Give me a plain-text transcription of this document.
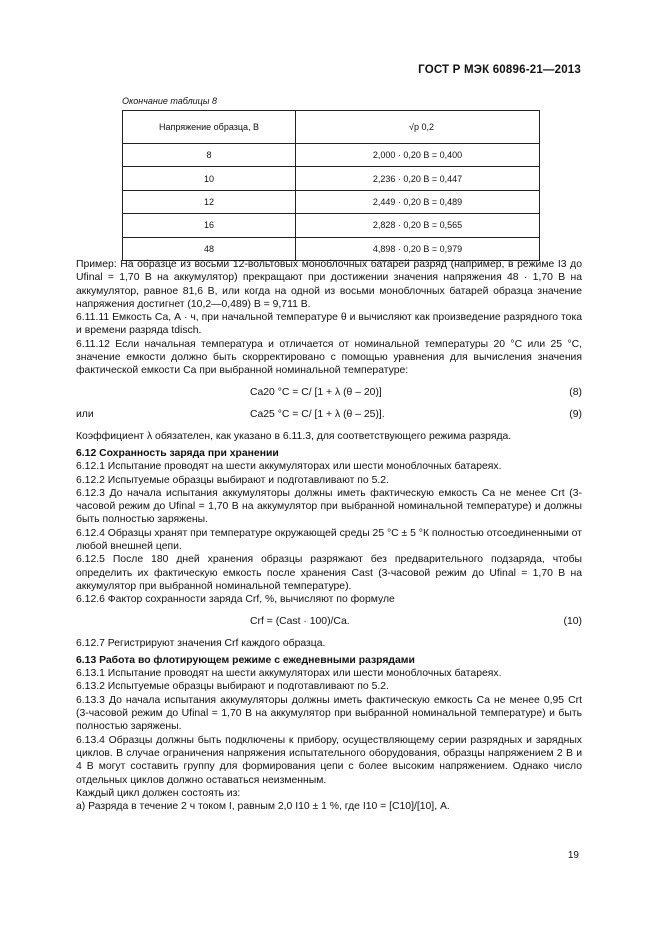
ГОСТ Р МЭК 60896-21—2013
Окончание таблицы 8
Напряжение образца, В	√p 0,2
8	2,000 · 0,20 В = 0,400
10	2,236 · 0,20 В = 0,447
12	2,449 · 0,20 В = 0,489
16	2,828 · 0,20 В = 0,565
48	4,898 · 0,20 В = 0,979

Пример: На образце из восьми 12-вольтовых моноблочных батарей разряд (например, в режиме I3 до Ufinal = 1,70 В на аккумулятор) прекращают при достижении значения напряжения 48 · 1,70 В на аккумулятор, равное 81,6 В, или когда на одной из восьми моноблочных батарей образца значение напряжения достигнет (10,2—0,489) В = 9,711 В.

6.11.11 Емкость Ca, А · ч, при начальной температуре θ и вычисляют как произведение разрядного тока и времени разряда tdisch.

6.11.12 Если начальная температура и отличается от номинальной температуры 20 °С или 25 °С, значение емкости должно быть скорректировано с помощью уравнения для вычисления значения фактической емкости Ca при выбранной номинальной температуре:

Ca20 °C = C/ [1 + λ (θ – 20)]	(8)
или	Ca25 °C = C/ [1 + λ (θ – 25)].	(9)

Коэффициент λ обязателен, как указано в 6.11.3, для соответствующего режима разряда.

6.12 Сохранность заряда при хранении

6.12.1 Испытание проводят на шести аккумуляторах или шести моноблочных батареях.

6.12.2 Испытуемые образцы выбирают и подготавливают по 5.2.

6.12.3 До начала испытания аккумуляторы должны иметь фактическую емкость Ca не менее Crt (3-часовой режим до Ufinal = 1,70 В на аккумулятор при выбранной номинальной температуре) и должны быть полностью заряжены.

6.12.4 Образцы хранят при температуре окружающей среды 25 °С ± 5 °К полностью отсоединенными от любой внешней цепи.

6.12.5 После 180 дней хранения образцы разряжают без предварительного подзаряда, чтобы определить их фактическую емкость после хранения Cast (3-часовой режим до Ufinal = 1,70 В на аккумулятор при выбранной номинальной температуре).

6.12.6 Фактор сохранности заряда Crf, %, вычисляют по формуле

Crf = (Cast · 100)/Ca.	(10)

6.12.7 Регистрируют значения Crf каждого образца.

6.13 Работа во флотирующем режиме с ежедневными разрядами

6.13.1 Испытание проводят на шести аккумуляторах или шести моноблочных батареях.

6.13.2 Испытуемые образцы выбирают и подготавливают по 5.2.

6.13.3 До начала испытания аккумуляторы должны иметь фактическую емкость Ca не менее 0,95 Crt (3-часовой режим до Ufinal = 1,70 В на аккумулятор при выбранной номинальной температуре) и быть полностью заряжены.

6.13.4 Образцы должны быть подключены к прибору, осуществляющему серии разрядных и зарядных циклов. В случае ограничения напряжения испытательного оборудования, образцы напряжением 2 В и 4 В могут составить группу для формирования цепи с более высоким напряжением. Однако число отдельных циклов должно оставаться неизменным.

Каждый цикл должен состоять из:

а) Разряда в течение 2 ч током I, равным 2,0 I10 ± 1 %, где I10 = [C10]/[10], А.

19
